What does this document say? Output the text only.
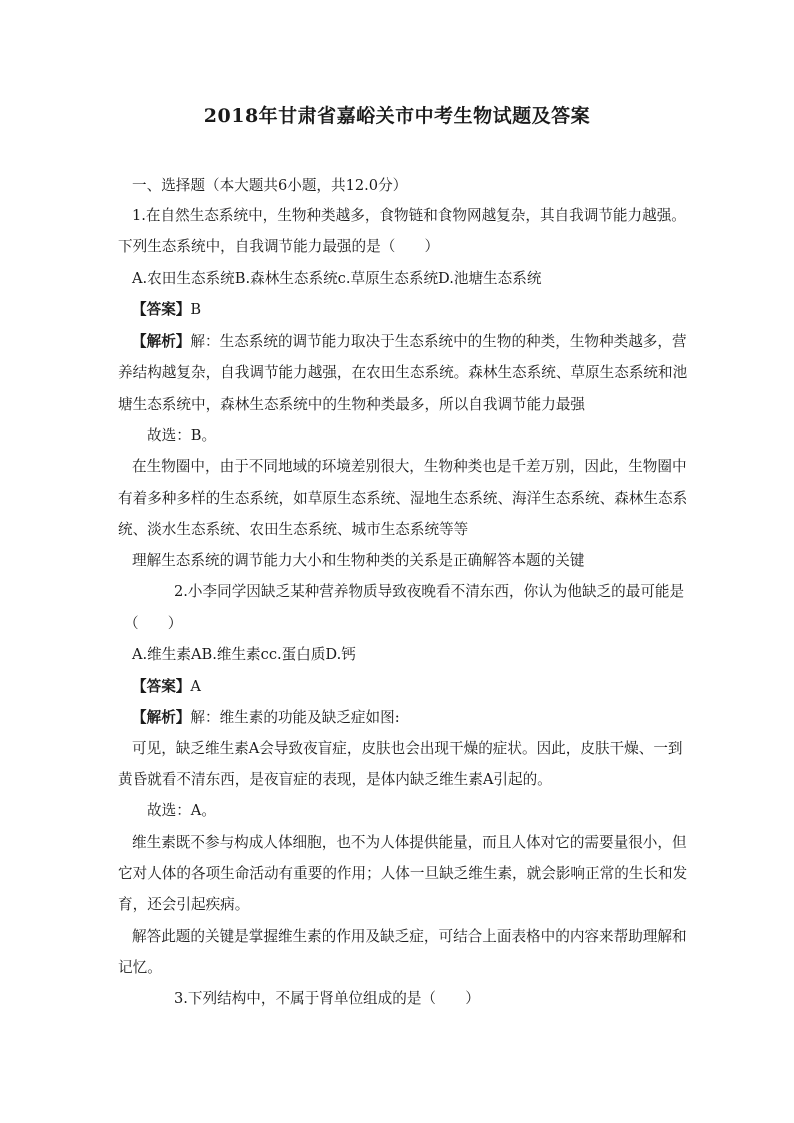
2018年甘肃省嘉峪关市中考生物试题及答案
一、选择题（本大题共6小题，共12.0分）
1.在自然生态系统中，生物种类越多，食物链和食物网越复杂，其自我调节能力越强。
下列生态系统中，自我调节能力最强的是（　　）
A.农田生态系统B.森林生态系统c.草原生态系统D.池塘生态系统
【答案】B
【解析】解：生态系统的调节能力取决于生态系统中的生物的种类，生物种类越多，营
养结构越复杂，自我调节能力越强，在农田生态系统。森林生态系统、草原生态系统和池
塘生态系统中，森林生态系统中的生物种类最多，所以自我调节能力最强
故选：B。
在生物圈中，由于不同地域的环境差别很大，生物种类也是千差万别，因此，生物圈中
有着多种多样的生态系统，如草原生态系统、湿地生态系统、海洋生态系统、森林生态系
统、淡水生态系统、农田生态系统、城市生态系统等等
理解生态系统的调节能力大小和生物种类的关系是正确解答本题的关键
2.小李同学因缺乏某种营养物质导致夜晚看不清东西，你认为他缺乏的最可能是
（　　）
A.维生素AB.维生素cc.蛋白质D.钙
【答案】A
【解析】解：维生素的功能及缺乏症如图:
可见，缺乏维生素A会导致夜盲症，皮肤也会出现干燥的症状。因此，皮肤干燥、一到
黄昏就看不清东西，是夜盲症的表现，是体内缺乏维生素A引起的。
故选：A。
维生素既不参与构成人体细胞，也不为人体提供能量，而且人体对它的需要量很小，但
它对人体的各项生命活动有重要的作用；人体一旦缺乏维生素，就会影响正常的生长和发
育，还会引起疾病。
解答此题的关键是掌握维生素的作用及缺乏症，可结合上面表格中的内容来帮助理解和
记忆。
3.下列结构中，不属于肾单位组成的是（　　）
